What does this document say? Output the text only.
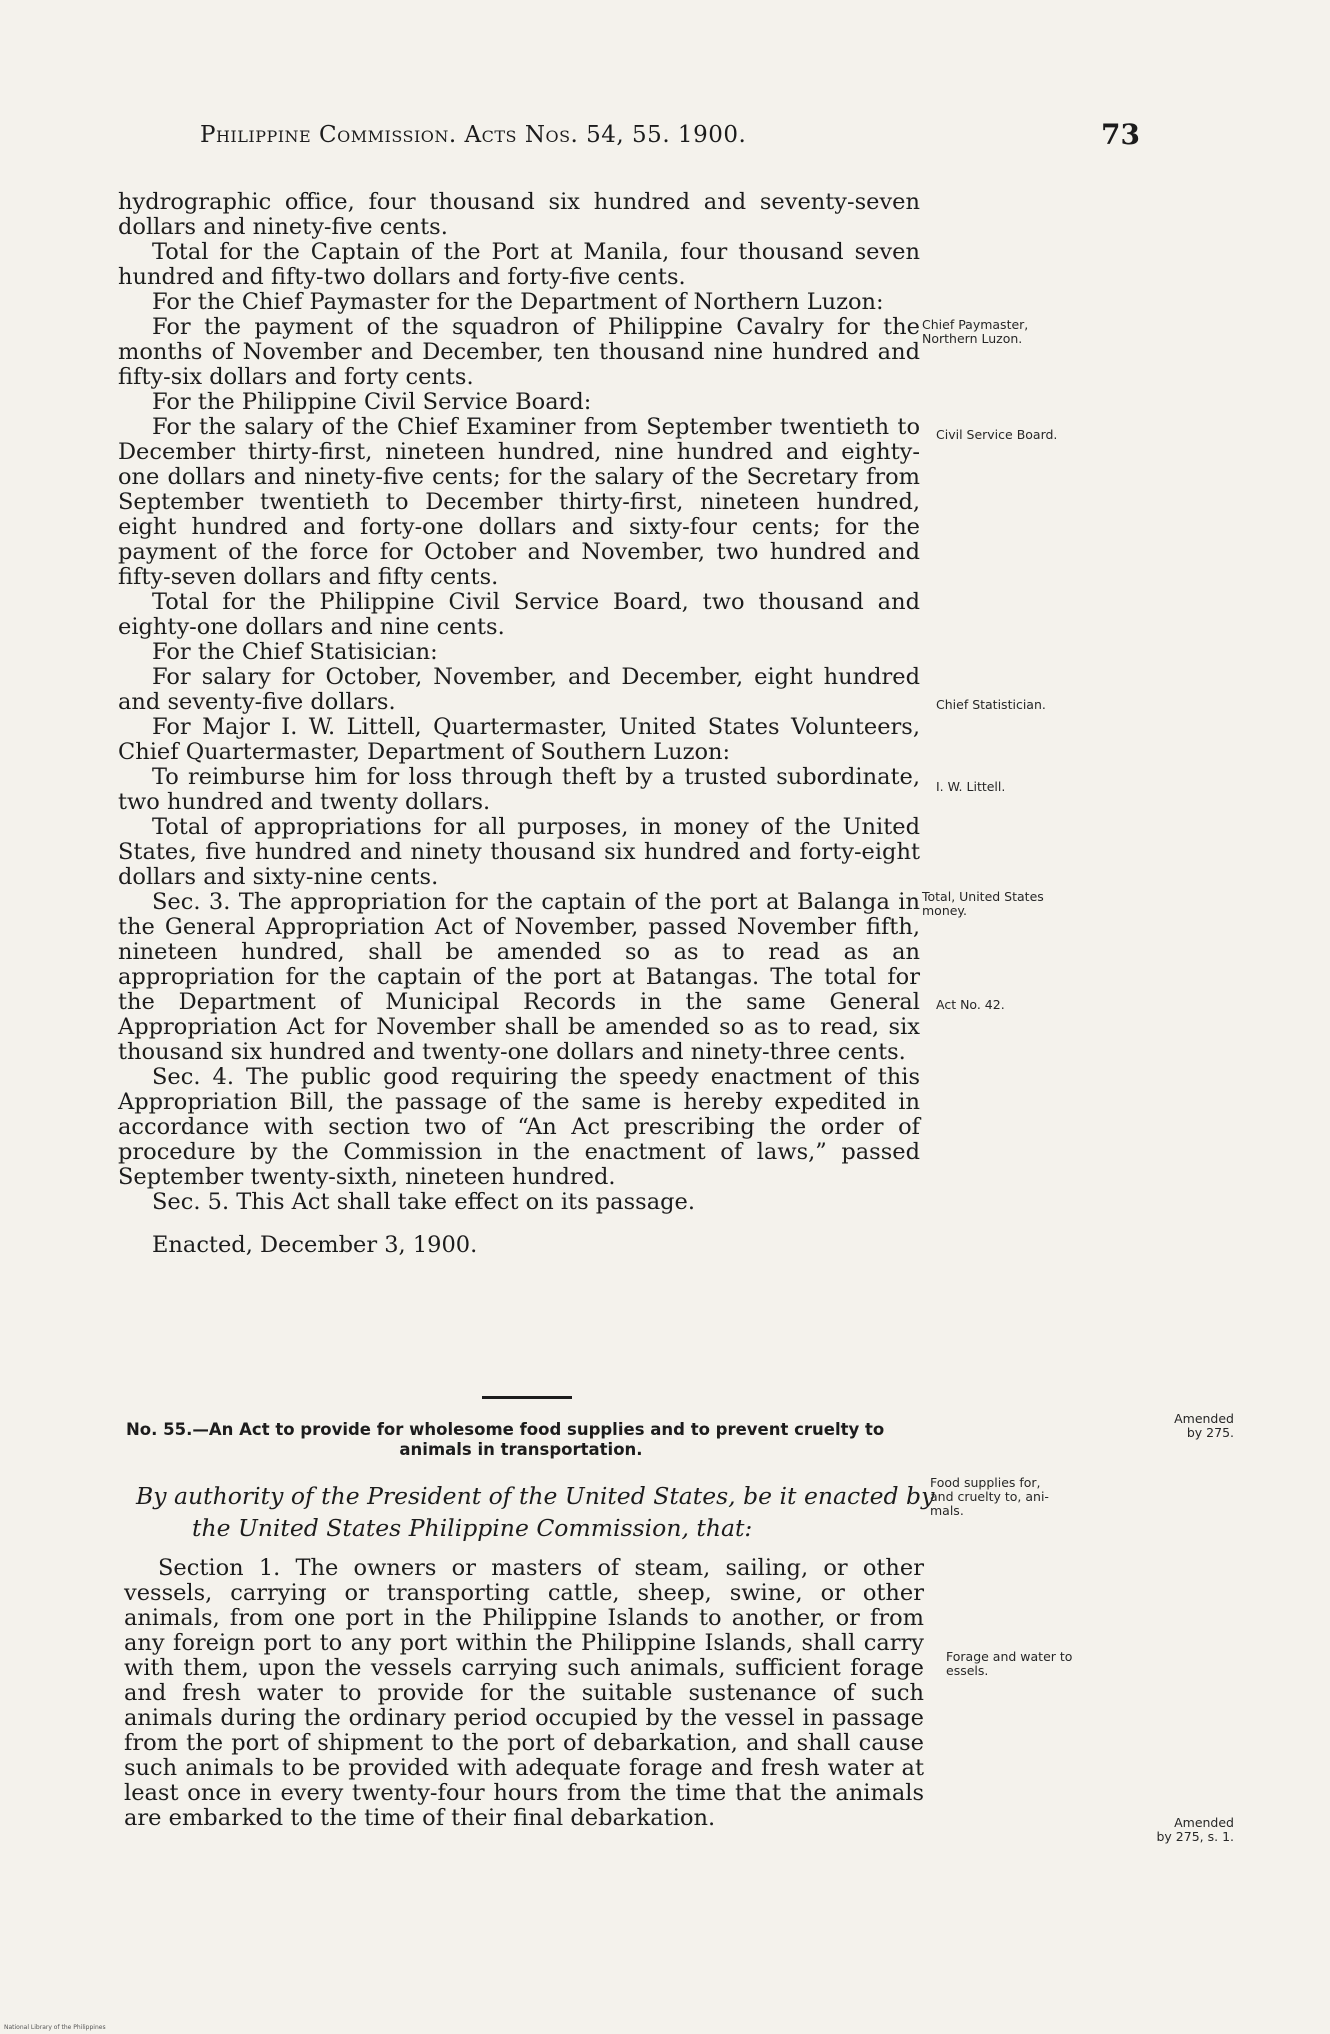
Philippine Commission. Acts Nos. 54, 55. 1900.	73

hydrographic office, four thousand six hundred and seventy-seven dollars and ninety-five cents.

Total for the Captain of the Port at Manila, four thousand seven hundred and fifty-two dollars and forty-five cents.

For the Chief Paymaster for the Department of Northern Luzon:

For the payment of the squadron of Philippine Cavalry for the months of November and December, ten thousand nine hundred and fifty-six dollars and forty cents.

For the Philippine Civil Service Board:

For the salary of the Chief Examiner from September twentieth to December thirty-first, nineteen hundred, nine hundred and eighty-one dollars and ninety-five cents; for the salary of the Secretary from September twentieth to December thirty-first, nineteen hundred, eight hundred and forty-one dollars and sixty-four cents; for the payment of the force for October and November, two hundred and fifty-seven dollars and fifty cents.

Total for the Philippine Civil Service Board, two thousand and eighty-one dollars and nine cents.

For the Chief Statisician:

For salary for October, November, and December, eight hundred and seventy-five dollars.

For Major I. W. Littell, Quartermaster, United States Volunteers, Chief Quartermaster, Department of Southern Luzon:

To reimburse him for loss through theft by a trusted subordinate, two hundred and twenty dollars.

Total of appropriations for all purposes, in money of the United States, five hundred and ninety thousand six hundred and forty-eight dollars and sixty-nine cents.

Sec. 3. The appropriation for the captain of the port at Balanga in the General Appropriation Act of November, passed November fifth, nineteen hundred, shall be amended so as to read as an appropriation for the captain of the port at Batangas. The total for the Department of Municipal Records in the same General Appropriation Act for November shall be amended so as to read, six thousand six hundred and twenty-one dollars and ninety-three cents.

Sec. 4. The public good requiring the speedy enactment of this Appropriation Bill, the passage of the same is hereby expedited in accordance with section two of “An Act prescribing the order of procedure by the Commission in the enactment of laws,” passed September twenty-sixth, nineteen hundred.

Sec. 5. This Act shall take effect on its passage.

Enacted, December 3, 1900.

No. 55.—An Act to provide for wholesome food supplies and to prevent cruelty to
animals in transportation.
By authority of the President of the United States, be it enacted by
the United States Philippine Commission, that:

Section 1. The owners or masters of steam, sailing, or other vessels, carrying or transporting cattle, sheep, swine, or other animals, from one port in the Philippine Islands to another, or from any foreign port to any port within the Philippine Islands, shall carry with them, upon the vessels carrying such animals, sufficient forage and fresh water to provide for the suitable sustenance of such animals during the ordinary period occupied by the vessel in passage from the port of shipment to the port of debarkation, and shall cause such animals to be provided with adequate forage and fresh water at least once in every twenty-four hours from the time that the animals are embarked to the time of their final debarkation.

Chief Paymaster,
Northern Luzon.
Civil Service Board.
Chief Statistician.
I. W. Littell.
Total, United States
money.
Act No. 42.
Amended
by 275.
Food supplies for,
and cruelty to, ani-
mals.
Forage and water to
essels.
Amended
by 275, s. 1.
National Library of the Philippines
